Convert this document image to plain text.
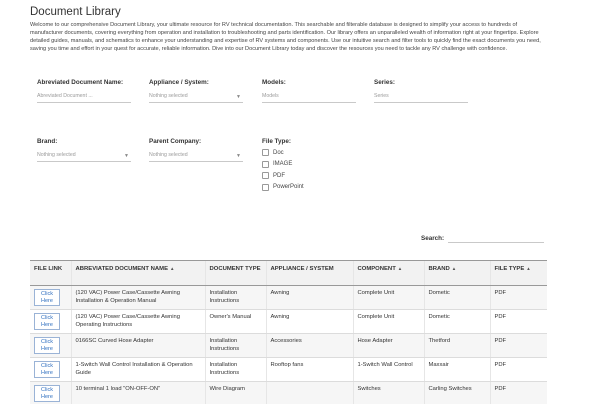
Document Library
Welcome to our comprehensive Document Library, your ultimate resource for RV technical documentation. This searchable and filterable database is designed to simplify your access to hundreds of manufacturer documents, covering everything from operation and installation to troubleshooting and parts identification. Our library offers an unparalleled wealth of information right at your fingertips. Explore detailed guides, manuals, and schematics to enhance your understanding and expertise of RV systems and components. Use our intuitive search and filter tools to quickly find the exact documents you need, saving you time and effort in your quest for accurate, reliable information. Dive into our Document Library today and discover the resources you need to tackle any RV challenge with confidence.
Abreviated Document Name:
Abreviated Document ...
Appliance / System:
Nothing selected	▼
Models:
Models
Series:
Series
Brand:
Nothing selected	▼
Parent Company:
Nothing selected	▼
File Type:
Doc
IMAGE
PDF
PowerPoint
Search:
FILE LINK	ABREVIATED DOCUMENT NAME ▲	DOCUMENT TYPE	APPLIANCE / SYSTEM	COMPONENT ▲	BRAND ▲	FILE TYPE ▲
Click Here	(120 VAC) Power Case/Cassette Awning Installation & Operation Manual	Installation Instructions	Awning	Complete Unit	Dometic	PDF
Click Here	(120 VAC) Power Case/Cassette Awning Operating Instructions	Owner's Manual	Awning	Complete Unit	Dometic	PDF
Click Here	0166SC Curved Hose Adapter	Installation Instructions	Accessories	Hose Adapter	Thetford	PDF
Click Here	1-Switch Wall Control Installation & Operation Guide	Installation Instructions	Rooftop fans	1-Switch Wall Control	Maxxair	PDF
Click Here	10 terminal 1 load "ON-OFF-ON"	Wire Diagram		Switches	Carling Switches	PDF
